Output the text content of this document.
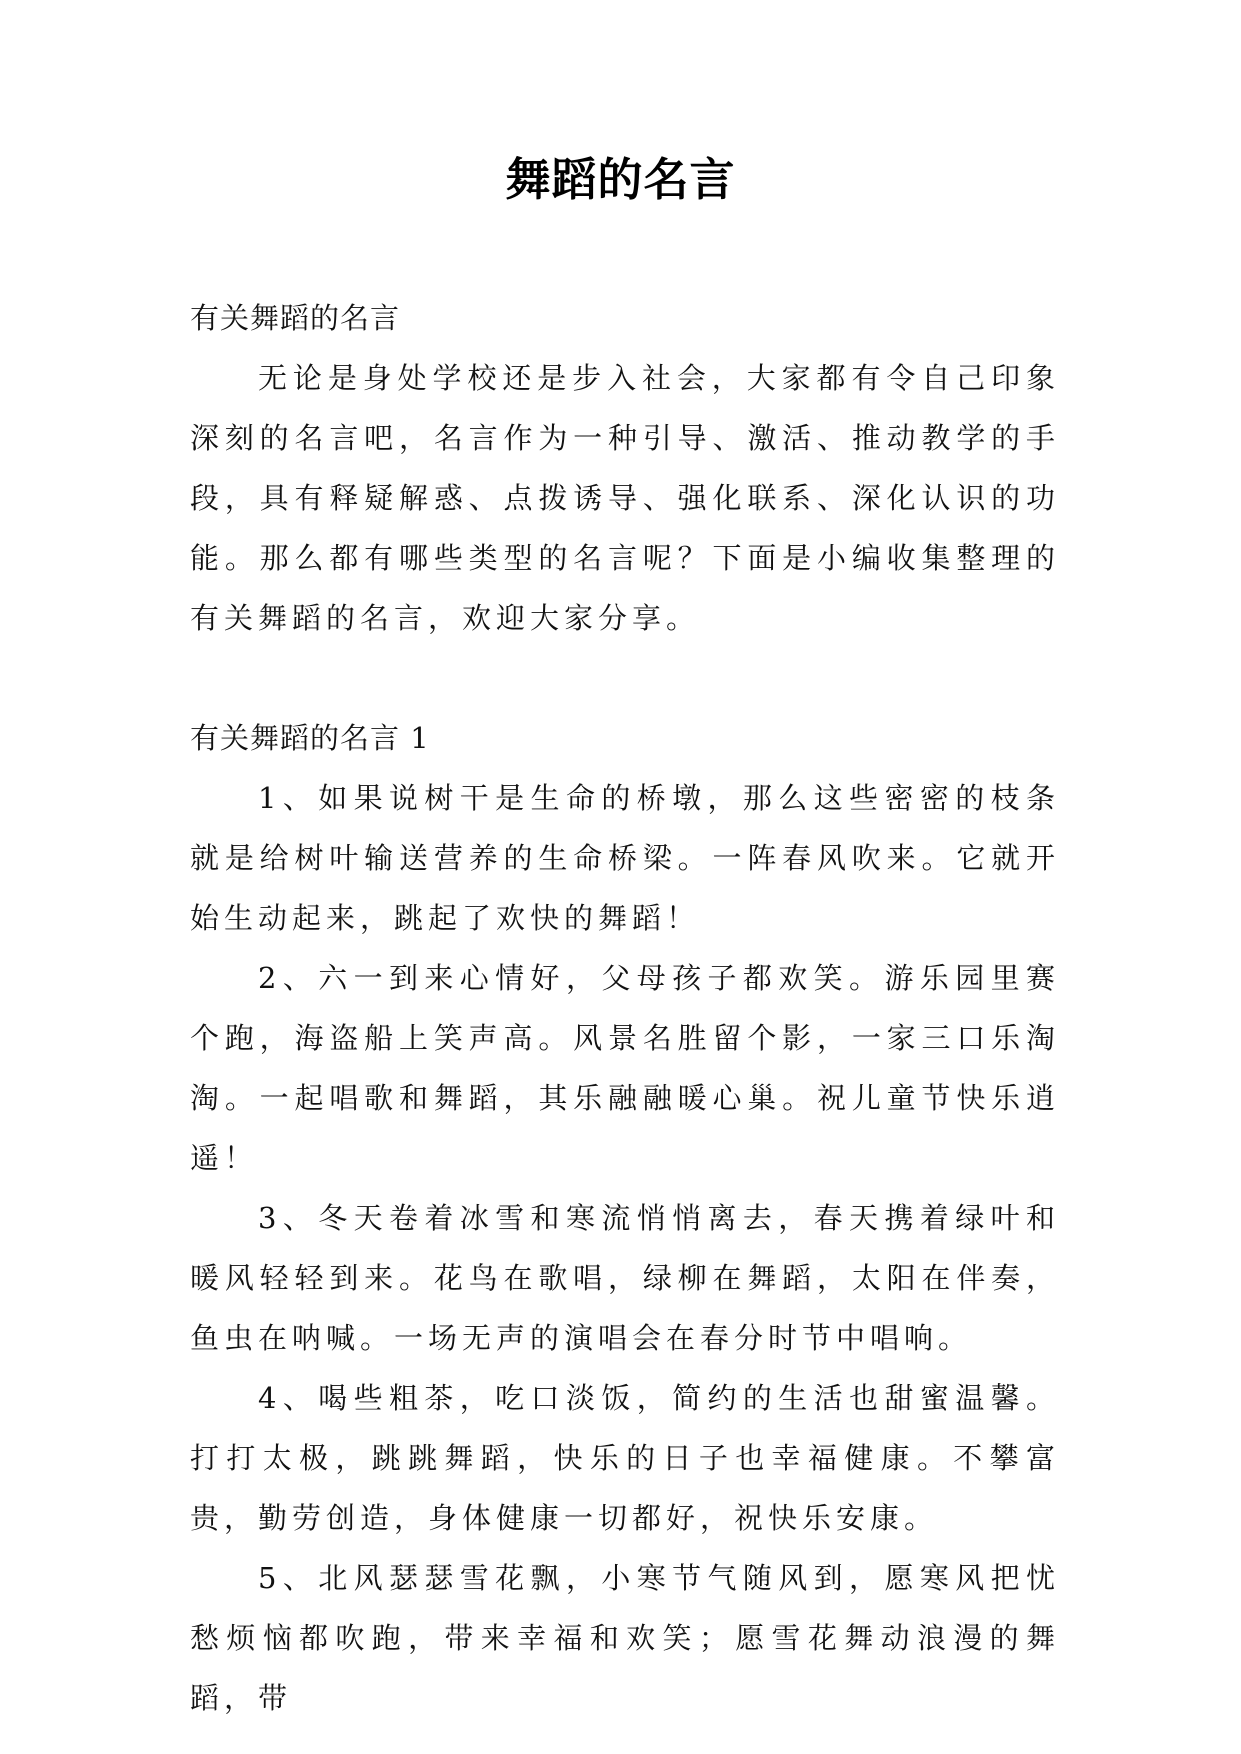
舞蹈的名言

有关舞蹈的名言

无论是身处学校还是步入社会，大家都有令自己印象深刻的名言吧，名言作为一种引导、激活、推动教学的手段，具有释疑解惑、点拨诱导、强化联系、深化认识的功能。那么都有哪些类型的名言呢？下面是小编收集整理的有关舞蹈的名言，欢迎大家分享。

有关舞蹈的名言 1

1、如果说树干是生命的桥墩，那么这些密密的枝条就是给树叶输送营养的生命桥梁。一阵春风吹来。它就开始生动起来，跳起了欢快的舞蹈！

2、六一到来心情好，父母孩子都欢笑。游乐园里赛个跑，海盗船上笑声高。风景名胜留个影，一家三口乐淘淘。一起唱歌和舞蹈，其乐融融暖心巢。祝儿童节快乐逍遥！

3、冬天卷着冰雪和寒流悄悄离去，春天携着绿叶和暖风轻轻到来。花鸟在歌唱，绿柳在舞蹈，太阳在伴奏，鱼虫在呐喊。一场无声的演唱会在春分时节中唱响。

4、喝些粗茶，吃口淡饭，简约的生活也甜蜜温馨。打打太极，跳跳舞蹈，快乐的日子也幸福健康。不攀富贵，勤劳创造，身体健康一切都好，祝快乐安康。

5、北风瑟瑟雪花飘，小寒节气随风到，愿寒风把忧愁烦恼都吹跑，带来幸福和欢笑；愿雪花舞动浪漫的舞蹈，带
